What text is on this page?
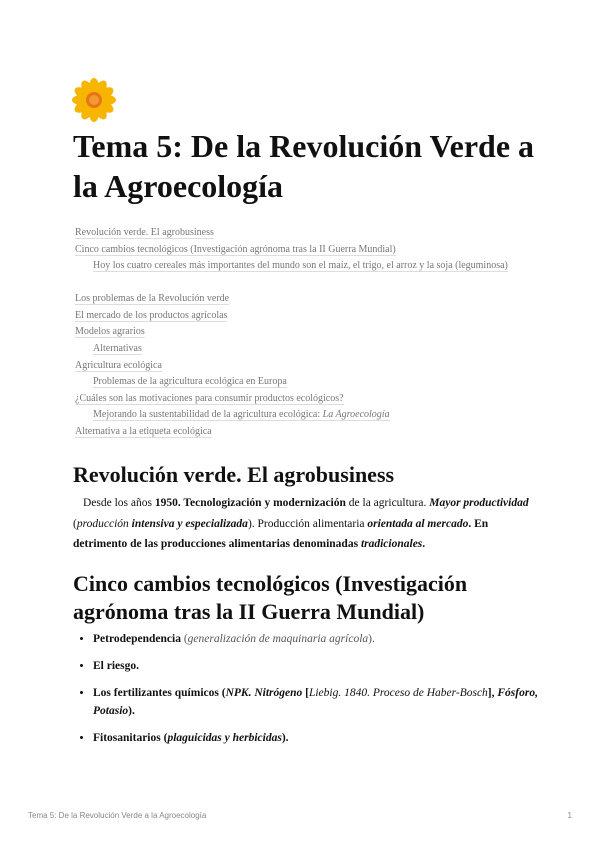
Tema 5: De la Revolución Verde a la Agroecología
Revolución verde. El agrobusiness
Cinco cambios tecnológicos (Investigación agrónoma tras la II Guerra Mundial)
Hoy los cuatro cereales más importantes del mundo son el maíz, el trigo, el arroz y la soja (leguminosa)
Los problemas de la Revolución verde
El mercado de los productos agrícolas
Modelos agrarios
Alternativas
Agricultura ecológica
Problemas de la agricultura ecológica en Europa
¿Cuáles son las motivaciones para consumir productos ecológicos?
Mejorando la sustentabilidad de la agricultura ecológica: La Agroecología
Alternativa a la etiqueta ecológica
Revolución verde. El agrobusiness

Desde los años 1950. Tecnologización y modernización de la agricultura. Mayor productividad (producción intensiva y especializada). Producción alimentaria orientada al mercado. En detrimento de las producciones alimentarias denominadas tradicionales.

Cinco cambios tecnológicos (Investigación agrónoma tras la II Guerra Mundial)
• Petrodependencia (generalización de maquinaria agrícola).
• El riesgo.
• Los fertilizantes químicos (NPK. Nitrógeno [Liebig. 1840. Proceso de Haber-Bosch], Fósforo, Potasio).
• Fitosanitarios (plaguicidas y herbicidas).
Tema 5: De la Revolución Verde a la Agroecología	1
